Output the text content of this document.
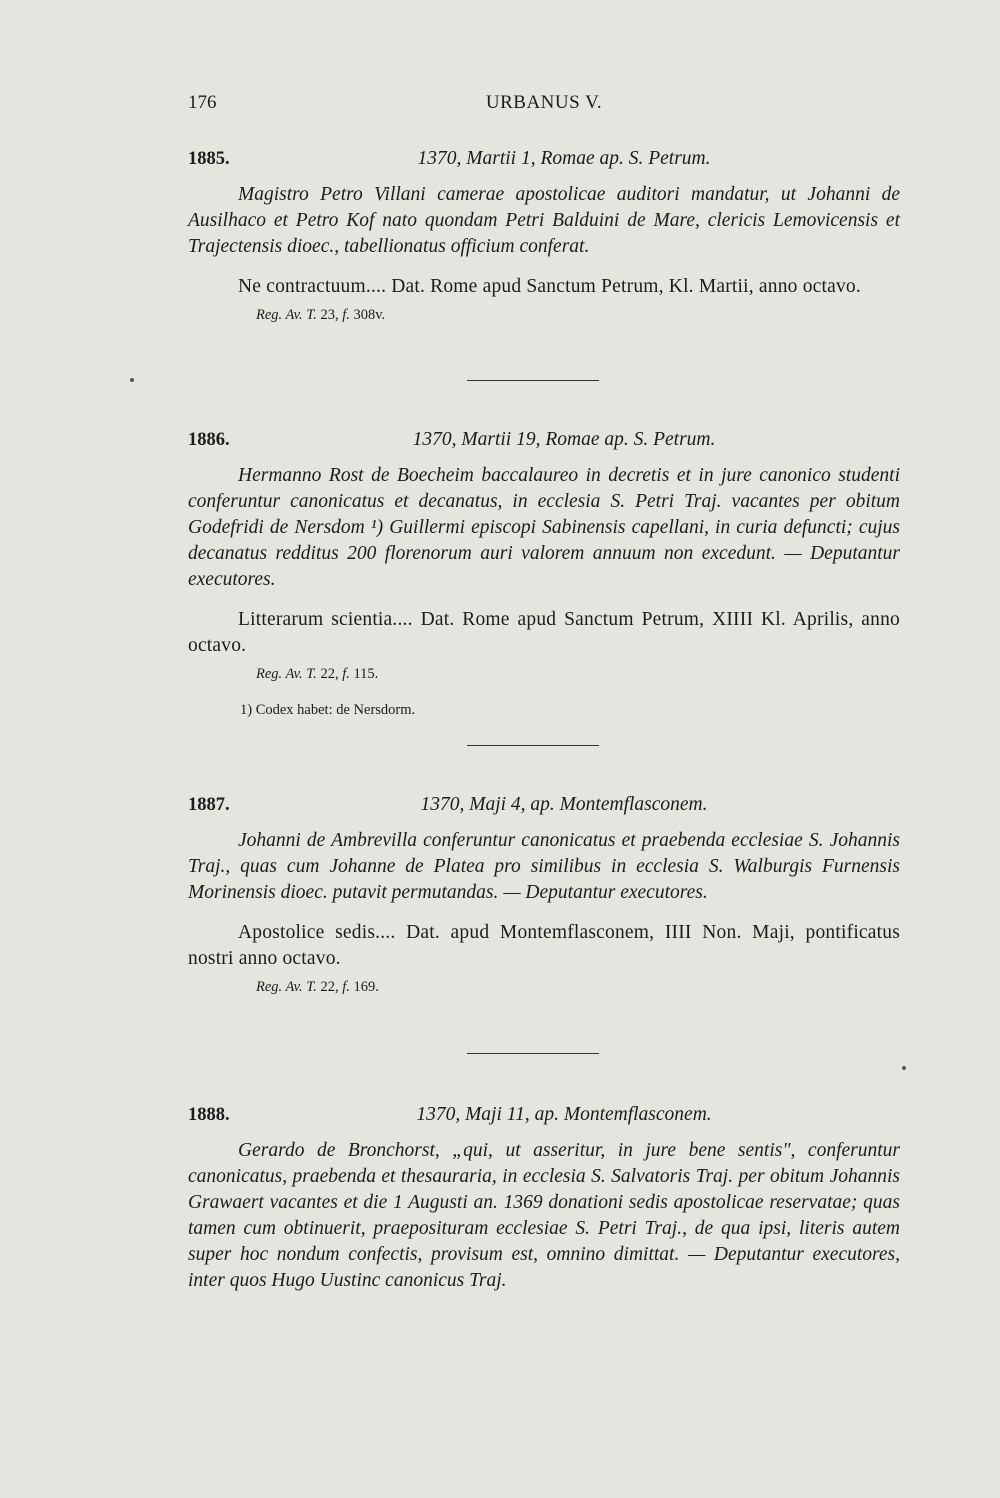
176	URBANUS V.
1885.	1370, Martii 1, Romae ap. S. Petrum.
Magistro Petro Villani camerae apostolicae auditori mandatur, ut Johanni de Ausilhaco et Petro Kof nato quondam Petri Balduini de Mare, clericis Lemovicensis et Trajectensis dioec., tabellionatus officium conferat.
Ne contractuum.... Dat. Rome apud Sanctum Petrum, Kl. Martii, anno octavo.
Reg. Av. T. 23, f. 308v.
1886.	1370, Martii 19, Romae ap. S. Petrum.
Hermanno Rost de Boecheim baccalaureo in decretis et in jure canonico studenti conferuntur canonicatus et decanatus, in ecclesia S. Petri Traj. vacantes per obitum Godefridi de Nersdom ¹) Guillermi episcopi Sabinensis capellani, in curia defuncti; cujus decanatus redditus 200 florenorum auri valorem annuum non excedunt. — Deputantur executores.
Litterarum scientia.... Dat. Rome apud Sanctum Petrum, XIIII Kl. Aprilis, anno octavo.
Reg. Av. T. 22, f. 115.
1) Codex habet: de Nersdorm.
1887.	1370, Maji 4, ap. Montemflasconem.
Johanni de Ambrevilla conferuntur canonicatus et praebenda ecclesiae S. Johannis Traj., quas cum Johanne de Platea pro similibus in ecclesia S. Walburgis Furnensis Morinensis dioec. putavit permutandas. — Deputantur executores.
Apostolice sedis.... Dat. apud Montemflasconem, IIII Non. Maji, pontificatus nostri anno octavo.
Reg. Av. T. 22, f. 169.
1888.	1370, Maji 11, ap. Montemflasconem.
Gerardo de Bronchorst, „qui, ut asseritur, in jure bene sentis", conferuntur canonicatus, praebenda et thesauraria, in ecclesia S. Salvatoris Traj. per obitum Johannis Grawaert vacantes et die 1 Augusti an. 1369 donationi sedis apostolicae reservatae; quas tamen cum obtinuerit, praeposituram ecclesiae S. Petri Traj., de qua ipsi, literis autem super hoc nondum confectis, provisum est, omnino dimittat. — Deputantur executores, inter quos Hugo Uustinc canonicus Traj.
